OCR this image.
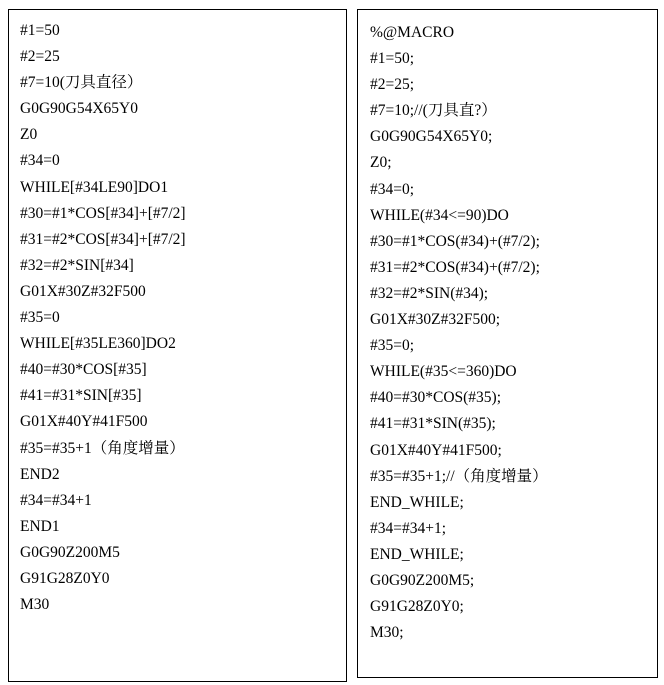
#1=50
#2=25
#7=10(刀具直径）
G0G90G54X65Y0
Z0
#34=0
WHILE[#34LE90]DO1
#30=#1*COS[#34]+[#7/2]
#31=#2*COS[#34]+[#7/2]
#32=#2*SIN[#34]
G01X#30Z#32F500
#35=0
WHILE[#35LE360]DO2
#40=#30*COS[#35]
#41=#31*SIN[#35]
G01X#40Y#41F500
#35=#35+1（角度增量）
END2
#34=#34+1
END1
G0G90Z200M5
G91G28Z0Y0
M30
%@MACRO
#1=50;
#2=25;
#7=10;//(刀具直?）
G0G90G54X65Y0;
Z0;
#34=0;
WHILE(#34<=90)DO
#30=#1*COS(#34)+(#7/2);
#31=#2*COS(#34)+(#7/2);
#32=#2*SIN(#34);
G01X#30Z#32F500;
#35=0;
WHILE(#35<=360)DO
#40=#30*COS(#35);
#41=#31*SIN(#35);
G01X#40Y#41F500;
#35=#35+1;//（角度增量）
END_WHILE;
#34=#34+1;
END_WHILE;
G0G90Z200M5;
G91G28Z0Y0;
M30;
